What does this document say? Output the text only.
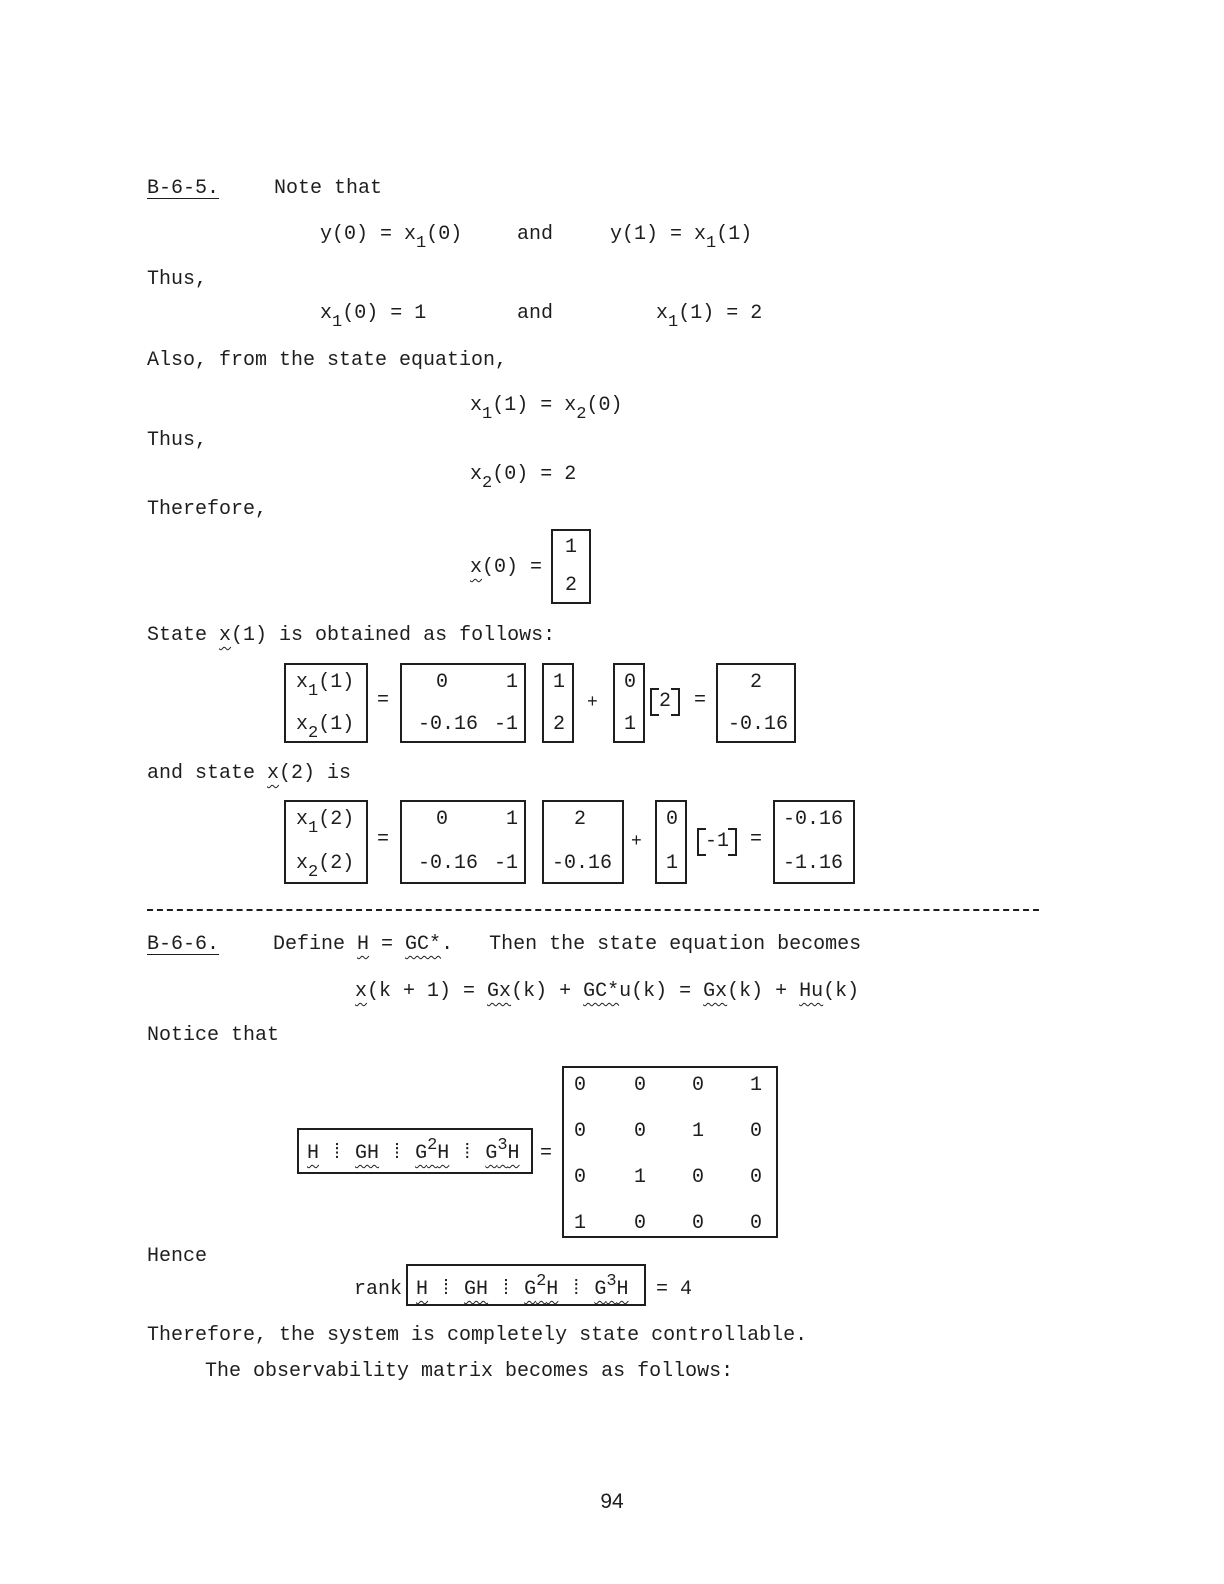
B-6-5.	Note that
$y(0) = x_1(0)$	and	$y(1) = x_1(1)$
Thus,
$x_1(0) = 1$	and	$x_1(1) = 2$
Also, from the state equation,
$x_1(1) = x_2(0)$
Thus,
$x_2(0) = 2$
Therefore,
x(0) =
1
2
State x(1) is obtained as follows:
$x_1(1)$
$x_2(1)$
=
0	1
-0.16 -1
1
2
+
0
1
2 =
2
-0.16
and state x(2) is
$x_1(2)$
$x_2(2)$
=
0	1
-0.16 -1
2
-0.16
+
0
1
-1 =
-0.16
-1.16
B-6-6.	Define H = GC*.   Then the state equation becomes
x(k + 1) = Gx(k) + GC*u(k) = Gx(k) + Hu(k)
Notice that
H ⁞ GH ⁞ $G^2H$ ⁞ $G^3H$ =
0 0 0 1
0 0 1 0
0 1 0 0
1 0 0 0
Hence
rank H ⁞ GH ⁞ $G^2H$ ⁞ $G^3H = 4$
Therefore, the system is completely state controllable.
The observability matrix becomes as follows:
94
